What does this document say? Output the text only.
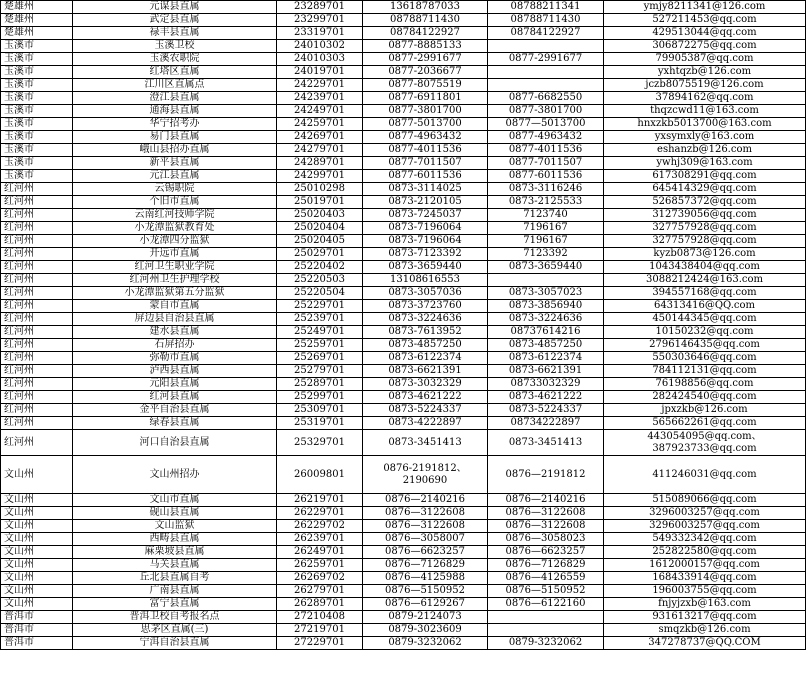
楚雄州	元谋县直属	23289701	13618787033	08788211341	ymjy8211341@126.com
楚雄州	武定县直属	23299701	08788711430	08788711430	527211453@qq.com
楚雄州	禄丰县直属	23319701	08784122927	08784122927	429513044@qq.com
玉溪市	玉溪卫校	24010302	0877-8885133		306872275@qq.com
玉溪市	玉溪农职院	24010303	0877-2991677	0877-2991677	79905387@qq.com
玉溪市	红塔区直属	24019701	0877-2036677		yxhtqzb@126.com
玉溪市	江川区直属点	24229701	0877-8075519		jczb8075519@126.com
玉溪市	澄江县直属	24239701	0877-6911801	0877-6682550	37894162@qq.com
玉溪市	通海县直属	24249701	0877-3801700	0877-3801700	thqzcwd11@163.com
玉溪市	华宁招考办	24259701	0877-5013700	0877—5013700	hnxzkb5013700@163.com
玉溪市	易门县直属	24269701	0877-4963432	0877-4963432	yxsymxly@163.com
玉溪市	峨山县招办直属	24279701	0877-4011536	0877-4011536	eshanzb@126.com
玉溪市	新平县直属	24289701	0877-7011507	0877-7011507	ywhj309@163.com
玉溪市	元江县直属	24299701	0877-6011536	0877-6011536	617308291@qq.com
红河州	云锡职院	25010298	0873-3114025	0873-3116246	645414329@qq.com
红河州	个旧市直属	25019701	0873-2120105	0873-2125533	526857372@qq.com
红河州	云南红河技师学院	25020403	0873-7245037	7123740	312739056@qq.com
红河州	小龙潭监狱教育处	25020404	0873-7196064	7196167	327757928@qq.com
红河州	小龙潭四分监狱	25020405	0873-7196064	7196167	327757928@qq.com
红河州	开远市直属	25029701	0873-7123392	7123392	kyzb0873@126.com
红河州	红河卫生职业学院	25220402	0873-3659440	0873-3659440	1043438404@qq.com
红河州	红河州卫生护理学校	25220503	13108616553		3088212424@163.com
红河州	小龙潭监狱第五分监狱	25220504	0873-3057036	0873-3057023	394557168@qq.com
红河州	蒙自市直属	25229701	0873-3723760	0873-3856940	64313416@QQ.com
红河州	屏边县自治县直属	25239701	0873-3224636	0873-3224636	450144345@qq.com
红河州	建水县直属	25249701	0873-7613952	08737614216	10150232@qq.com
红河州	石屏招办	25259701	0873-4857250	0873-4857250	2796146435@qq.com
红河州	弥勒市直属	25269701	0873-6122374	0873-6122374	550303646@qq.com
红河州	泸西县直属	25279701	0873-6621391	0873-6621391	784112131@qq.com
红河州	元阳县直属	25289701	0873-3032329	08733032329	76198856@qq.com
红河州	红河县直属	25299701	0873-4621222	0873-4621222	282424540@qq.com
红河州	金平自治县直属	25309701	0873-5224337	0873-5224337	jpxzkb@126.com
红河州	绿春县直属	25319701	0873-4222897	08734222897	565662261@qq.com
红河州	河口自治县直属	25329701	0873-3451413	0873-3451413	443054095@qq.com、387923733@qq.com
文山州	文山州招办	26009801	0876-2191812、2190690	0876—2191812	411246031@qq.com
文山州	文山市直属	26219701	0876—2140216	0876—2140216	515089066@qq.com
文山州	砚山县直属	26229701	0876—3122608	0876—3122608	3296003257@qq.com
文山州	文山监狱	26229702	0876—3122608	0876—3122608	3296003257@qq.com
文山州	西畴县直属	26239701	0876—3058007	0876—3058023	549332342@qq.com
文山州	麻栗坡县直属	26249701	0876—6623257	0876—6623257	252822580@qq.com
文山州	马关县直属	26259701	0876—7126829	0876—7126829	1612000157@qq.com
文山州	丘北县直属自考	26269702	0876—4125988	0876—4126559	168433914@qq.com
文山州	广南县直属	26279701	0876—5150952	0876—5150952	196003755@qq.com
文山州	富宁县直属	26289701	0876—6129267	0876—6122160	fnjyjzxb@163.com
普洱市	普洱卫校自考报名点	27210408	0879-2124073		931613217@qq.com
普洱市	思茅区直属(三)	27219701	0879-3023609		smqzkb@126.com
普洱市	宁洱自治县直属	27229701	0879-3232062	0879-3232062	347278737@QQ.COM
